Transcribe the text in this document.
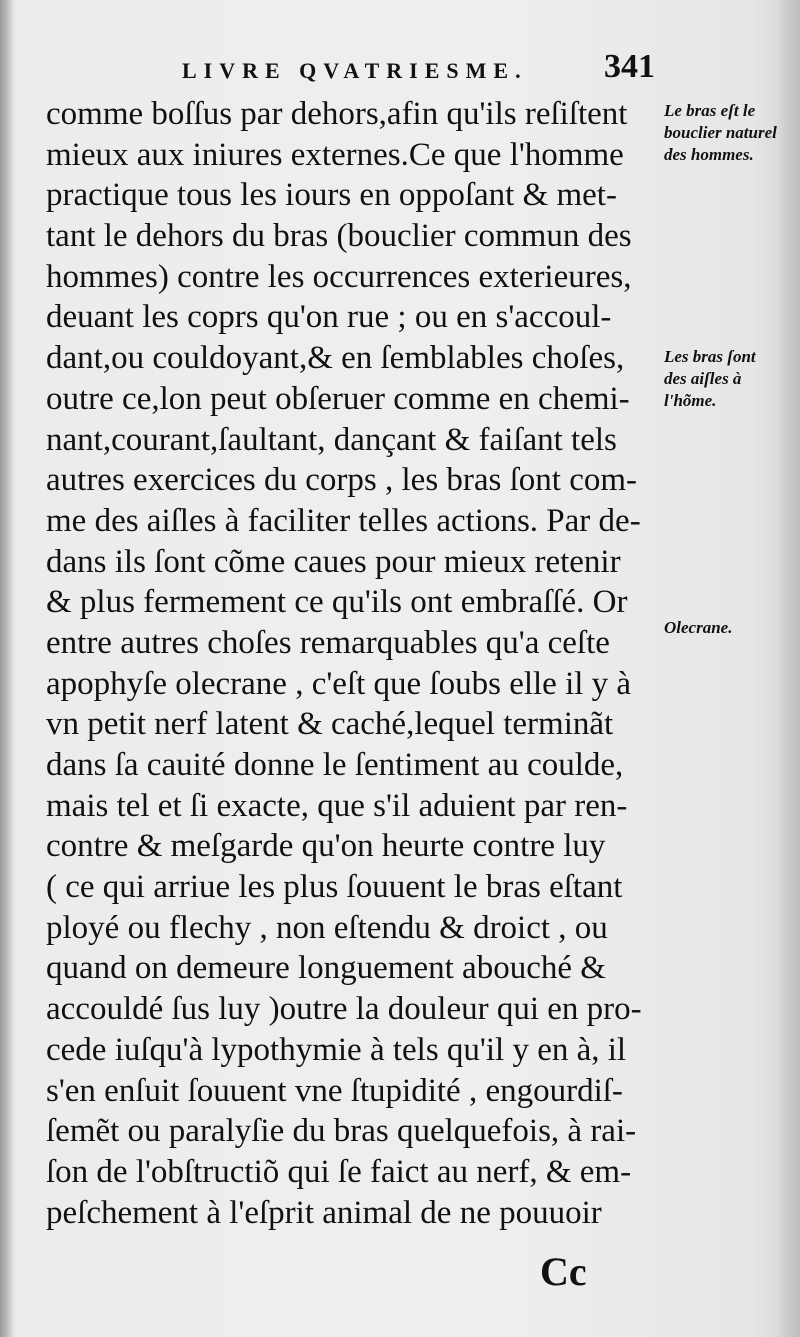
LIVRE QVATRIESME. 341
comme boſſus par dehors,afin qu'ils reſiſtent
mieux aux iniures externes.Ce que l'homme
practique tous les iours en oppoſant & met-
tant le dehors du bras (bouclier commun des
hommes) contre les occurrences exterieures,
deuant les coprs qu'on rue ; ou en s'accoul-
dant,ou couldoyant,& en ſemblables choſes,
outre ce,lon peut obſeruer comme en chemi-
nant,courant,ſaultant, dançant & faiſant tels
autres exercices du corps , les bras ſont com-
me des aiſles à faciliter telles actions. Par de-
dans ils ſont cõme caues pour mieux retenir
& plus fermement ce qu'ils ont embraſſé. Or
entre autres choſes remarquables qu'a ceſte
apophyſe olecrane , c'eſt que ſoubs elle il y à
vn petit nerf latent & caché,lequel terminãt
dans ſa cauité donne le ſentiment au coulde,
mais tel et ſi exacte, que s'il aduient par ren-
contre & meſgarde qu'on heurte contre luy
( ce qui arriue les plus ſouuent le bras eſtant
ployé ou flechy , non eſtendu & droict , ou
quand on demeure longuement abouché &
accouldé ſus luy )outre la douleur qui en pro-
cede iuſqu'à lypothymie à tels qu'il y en à, il
s'en enſuit ſouuent vne ſtupidité , engourdiſ-
ſemẽt ou paralyſie du bras quelquefois, à rai-
ſon de l'obſtructiõ qui ſe faict au nerf, & em-
peſchement à l'eſprit animal de ne pouuoir
Le bras eſt le bouclier naturel des hommes.
Les bras ſont des aiſles à l'hõme.
Olecrane.
Cc
